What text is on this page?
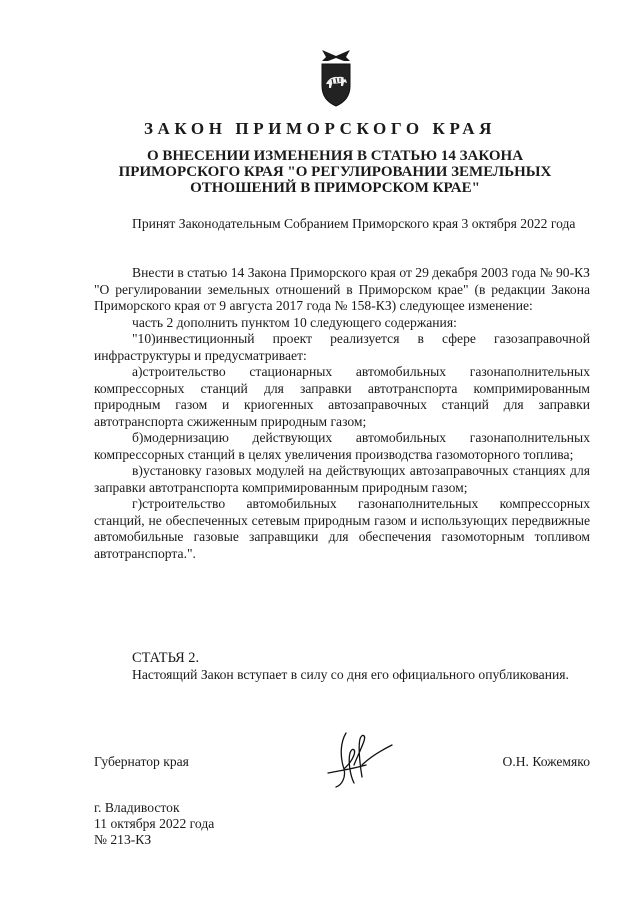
ЗАКОН ПРИМОРСКОГО КРАЯ
О ВНЕСЕНИИ ИЗМЕНЕНИЯ В СТАТЬЮ 14 ЗАКОНА
ПРИМОРСКОГО КРАЯ "О РЕГУЛИРОВАНИИ ЗЕМЕЛЬНЫХ
ОТНОШЕНИЙ В ПРИМОРСКОМ КРАЕ"

Принят Законодательным Собранием Приморского края 3 октября 2022 года

Внести в статью 14 Закона Приморского края от 29 декабря 2003 года № 90-КЗ "О регулировании земельных отношений в Приморском крае" (в редакции Закона Приморского края от 9 августа 2017 года № 158-КЗ) следующее изменение:

часть 2 дополнить пунктом 10 следующего содержания:

"10)инвестиционный проект реализуется в сфере газозаправочной инфраструктуры и предусматривает:

а)строительство стационарных автомобильных газонаполнительных компрессорных станций для заправки автотранспорта компримированным природным газом и криогенных автозаправочных станций для заправки автотранспорта сжиженным природным газом;

б)модернизацию действующих автомобильных газонаполнительных компрессорных станций в целях увеличения производства газомоторного топлива;

в)установку газовых модулей на действующих автозаправочных станциях для заправки автотранспорта компримированным природным газом;

г)строительство автомобильных газонаполнительных компрессорных станций, не обеспеченных сетевым природным газом и использующих передвижные автомобильные газовые заправщики для обеспечения газомоторным топливом автотранспорта.".

СТАТЬЯ 2.

Настоящий Закон вступает в силу со дня его официального опубликования.

Губернатор края	О.Н. Кожемяко
г. Владивосток
11 октября 2022 года
№ 213-КЗ
